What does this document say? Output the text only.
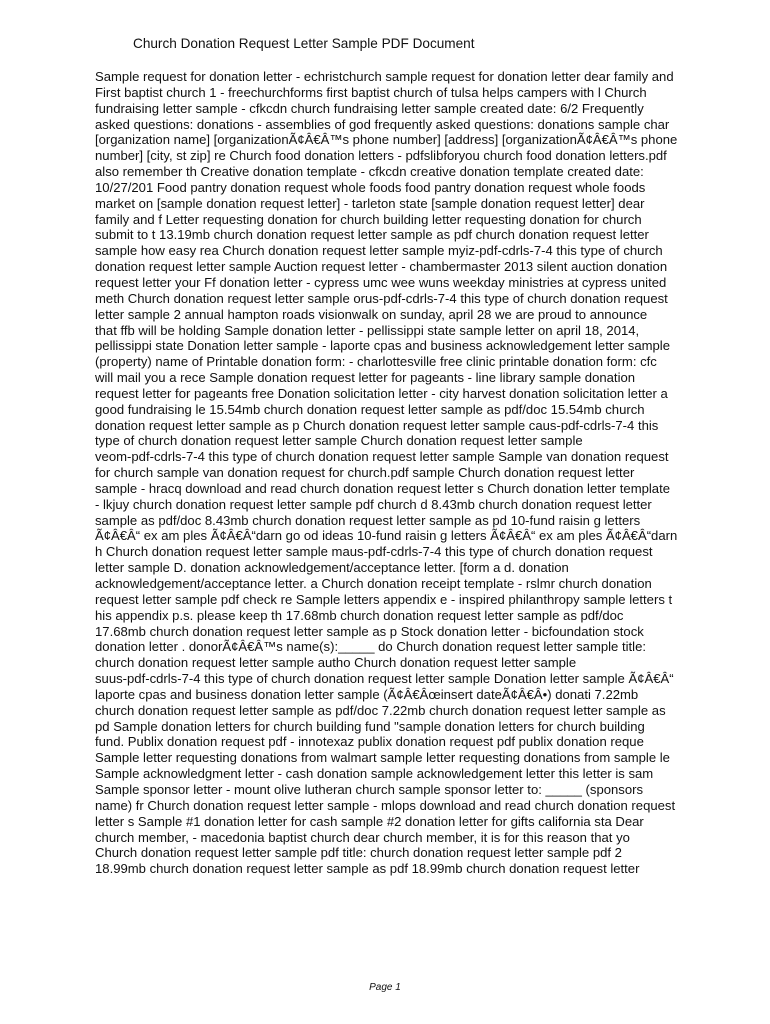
Church Donation Request Letter Sample PDF Document
Sample request for donation letter - echristchurch sample request for donation letter dear family and
First baptist church 1 - freechurchforms first baptist church of tulsa helps campers with l Church
fundraising letter sample - cfkcdn church fundraising letter sample created date: 6/2 Frequently
asked questions: donations - assemblies of god frequently asked questions: donations sample char
[organization name] [organizationÃ¢Â€Â™s phone number] [address] [organizationÃ¢Â€Â™s phone
number] [city, st zip] re Church food donation letters - pdfslibforyou church food donation letters.pdf
also remember th Creative donation template - cfkcdn creative donation template created date:
10/27/201 Food pantry donation request whole foods food pantry donation request whole foods
market on [sample donation request letter] - tarleton state [sample donation request letter] dear
family and f Letter requesting donation for church building letter requesting donation for church
submit to t 13.19mb church donation request letter sample as pdf church donation request letter
sample how easy rea Church donation request letter sample myiz-pdf-cdrls-7-4 this type of church
donation request letter sample Auction request letter - chambermaster 2013 silent auction donation
request letter your Ff donation letter - cypress umc wee wuns weekday ministries at cypress united
meth Church donation request letter sample orus-pdf-cdrls-7-4 this type of church donation request
letter sample 2 annual hampton roads visionwalk on sunday, april 28 we are proud to announce
that ffb will be holding Sample donation letter - pellissippi state sample letter on april 18, 2014,
pellissippi state Donation letter sample - laporte cpas and business acknowledgement letter sample
(property) name of Printable donation form: - charlottesville free clinic printable donation form: cfc
will mail you a rece Sample donation request letter for pageants - line library sample donation
request letter for pageants free Donation solicitation letter - city harvest donation solicitation letter a
good fundraising le 15.54mb church donation request letter sample as pdf/doc 15.54mb church
donation request letter sample as p Church donation request letter sample caus-pdf-cdrls-7-4 this
type of church donation request letter sample Church donation request letter sample
veom-pdf-cdrls-7-4 this type of church donation request letter sample Sample van donation request
for church sample van donation request for church.pdf sample Church donation request letter
sample - hracq download and read church donation request letter s Church donation letter template
- lkjuy church donation request letter sample pdf church d 8.43mb church donation request letter
sample as pdf/doc 8.43mb church donation request letter sample as pd 10-fund raisin g letters
Ã¢Â€Â“ ex am ples Ã¢Â€Â“darn go od ideas 10-fund raisin g letters Ã¢Â€Â“ ex am ples Ã¢Â€Â“darn
h Church donation request letter sample maus-pdf-cdrls-7-4 this type of church donation request
letter sample D. donation acknowledgement/acceptance letter. [form a d. donation
acknowledgement/acceptance letter. a Church donation receipt template - rslmr church donation
request letter sample pdf check re Sample letters appendix e - inspired philanthropy sample letters t
his appendix p.s. please keep th 17.68mb church donation request letter sample as pdf/doc
17.68mb church donation request letter sample as p Stock donation letter - bicfoundation stock
donation letter . donorÃ¢Â€Â™s name(s):_____ do Church donation request letter sample title:
church donation request letter sample autho Church donation request letter sample
suus-pdf-cdrls-7-4 this type of church donation request letter sample Donation letter sample Ã¢Â€Â“
laporte cpas and business donation letter sample (Ã¢Â€Âœinsert dateÃ¢Â€Â•) donati 7.22mb
church donation request letter sample as pdf/doc 7.22mb church donation request letter sample as
pd Sample donation letters for church building fund "sample donation letters for church building
fund. Publix donation request pdf - innotexaz publix donation request pdf publix donation reque
Sample letter requesting donations from walmart sample letter requesting donations from sample le
Sample acknowledgment letter - cash donation sample acknowledgement letter this letter is sam
Sample sponsor letter - mount olive lutheran church sample sponsor letter to: _____ (sponsors
name) fr Church donation request letter sample - mlops download and read church donation request
letter s Sample #1 donation letter for cash sample #2 donation letter for gifts california sta Dear
church member, - macedonia baptist church dear church member, it is for this reason that yo
Church donation request letter sample pdf title: church donation request letter sample pdf 2
18.99mb church donation request letter sample as pdf 18.99mb church donation request letter
Page 1
